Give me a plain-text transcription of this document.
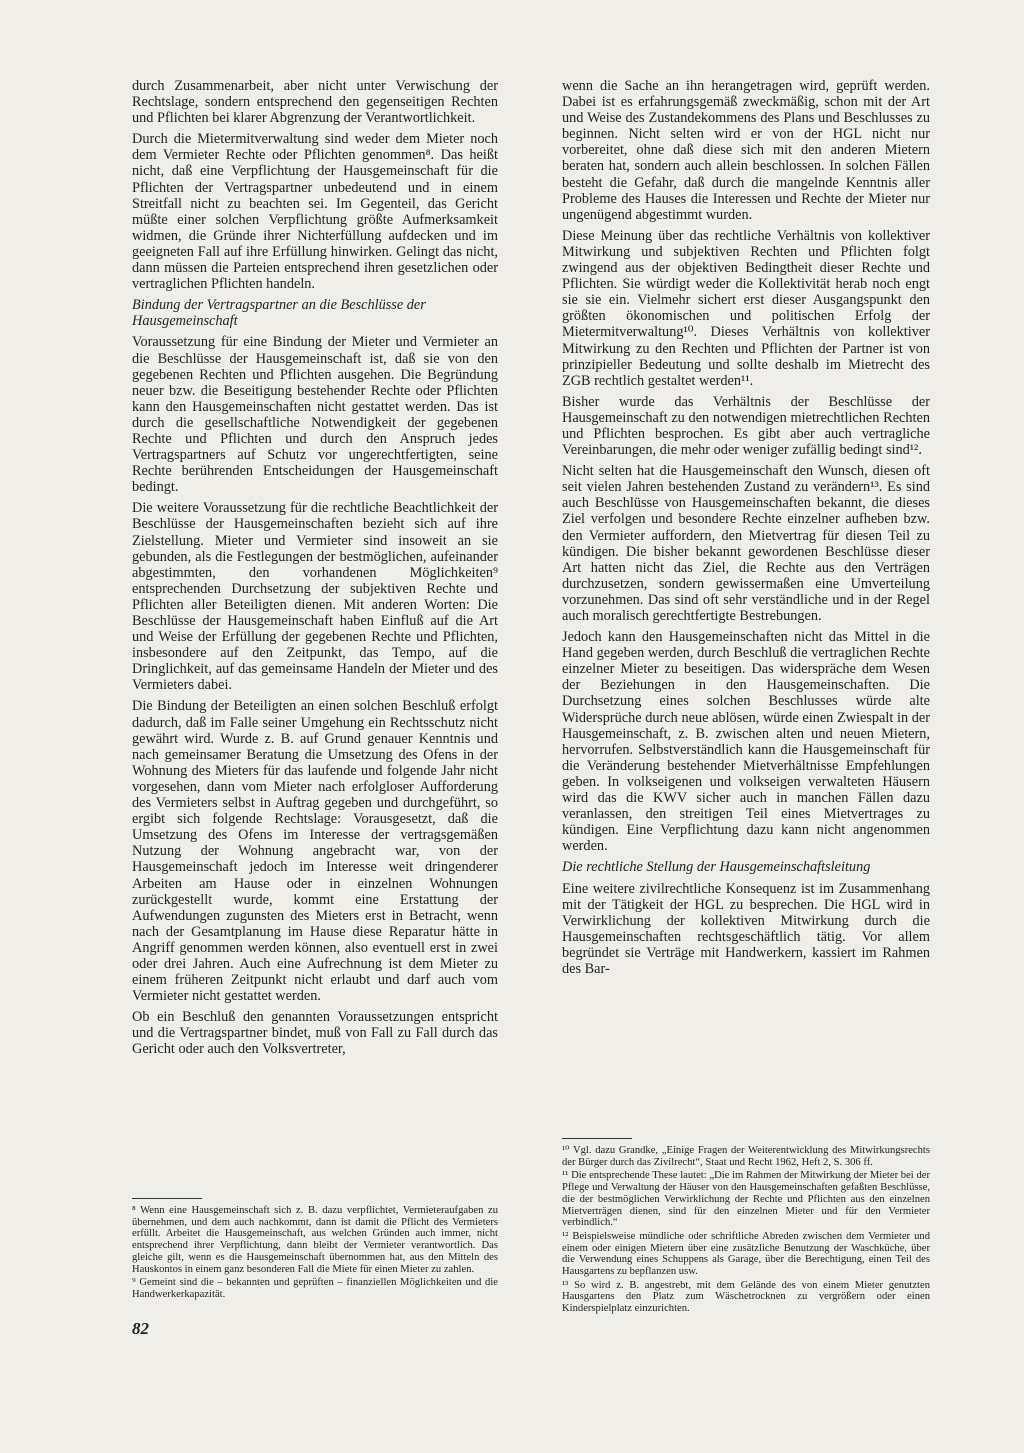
durch Zusammenarbeit, aber nicht unter Verwischung der Rechtslage, sondern entsprechend den gegenseitigen Rechten und Pflichten bei klarer Abgrenzung der Verantwortlichkeit.

Durch die Mietermitverwaltung sind weder dem Mieter noch dem Vermieter Rechte oder Pflichten genommen⁸. Das heißt nicht, daß eine Verpflichtung der Hausgemeinschaft für die Pflichten der Vertragspartner unbedeutend und in einem Streitfall nicht zu beachten sei. Im Gegenteil, das Gericht müßte einer solchen Verpflichtung größte Aufmerksamkeit widmen, die Gründe ihrer Nichterfüllung aufdecken und im geeigneten Fall auf ihre Erfüllung hinwirken. Gelingt das nicht, dann müssen die Parteien entsprechend ihren gesetzlichen oder vertraglichen Pflichten handeln.

Bindung der Vertragspartner an die Beschlüsse der Hausgemeinschaft

Voraussetzung für eine Bindung der Mieter und Vermieter an die Beschlüsse der Hausgemeinschaft ist, daß sie von den gegebenen Rechten und Pflichten ausgehen. Die Begründung neuer bzw. die Beseitigung bestehender Rechte oder Pflichten kann den Hausgemeinschaften nicht gestattet werden. Das ist durch die gesellschaftliche Notwendigkeit der gegebenen Rechte und Pflichten und durch den Anspruch jedes Vertragspartners auf Schutz vor ungerechtfertigten, seine Rechte berührenden Entscheidungen der Hausgemeinschaft bedingt.

Die weitere Voraussetzung für die rechtliche Beachtlichkeit der Beschlüsse der Hausgemeinschaften bezieht sich auf ihre Zielstellung. Mieter und Vermieter sind insoweit an sie gebunden, als die Festlegungen der bestmöglichen, aufeinander abgestimmten, den vorhandenen Möglichkeiten⁹ entsprechenden Durchsetzung der subjektiven Rechte und Pflichten aller Beteiligten dienen. Mit anderen Worten: Die Beschlüsse der Hausgemeinschaft haben Einfluß auf die Art und Weise der Erfüllung der gegebenen Rechte und Pflichten, insbesondere auf den Zeitpunkt, das Tempo, auf die Dringlichkeit, auf das gemeinsame Handeln der Mieter und des Vermieters dabei.

Die Bindung der Beteiligten an einen solchen Beschluß erfolgt dadurch, daß im Falle seiner Umgehung ein Rechtsschutz nicht gewährt wird. Wurde z. B. auf Grund genauer Kenntnis und nach gemeinsamer Beratung die Umsetzung des Ofens in der Wohnung des Mieters für das laufende und folgende Jahr nicht vorgesehen, dann vom Mieter nach erfolgloser Aufforderung des Vermieters selbst in Auftrag gegeben und durchgeführt, so ergibt sich folgende Rechtslage: Vorausgesetzt, daß die Umsetzung des Ofens im Interesse der vertragsgemäßen Nutzung der Wohnung angebracht war, von der Hausgemeinschaft jedoch im Interesse weit dringenderer Arbeiten am Hause oder in einzelnen Wohnungen zurückgestellt wurde, kommt eine Erstattung der Aufwendungen zugunsten des Mieters erst in Betracht, wenn nach der Gesamtplanung im Hause diese Reparatur hätte in Angriff genommen werden können, also eventuell erst in zwei oder drei Jahren. Auch eine Aufrechnung ist dem Mieter zu einem früheren Zeitpunkt nicht erlaubt und darf auch vom Vermieter nicht gestattet werden.

Ob ein Beschluß den genannten Voraussetzungen entspricht und die Vertragspartner bindet, muß von Fall zu Fall durch das Gericht oder auch den Volksvertreter,

⁸ Wenn eine Hausgemeinschaft sich z. B. dazu verpflichtet, Vermieteraufgaben zu übernehmen, und dem auch nachkommt, dann ist damit die Pflicht des Vermieters erfüllt. Arbeitet die Hausgemeinschaft, aus welchen Gründen auch immer, nicht entsprechend ihrer Verpflichtung, dann bleibt der Vermieter verantwortlich. Das gleiche gilt, wenn es die Hausgemeinschaft übernommen hat, aus den Mitteln des Hauskontos in einem ganz besonderen Fall die Miete für einen Mieter zu zahlen.

⁹ Gemeint sind die – bekannten und geprüften – finanziellen Möglichkeiten und die Handwerkerkapazität.

wenn die Sache an ihn herangetragen wird, geprüft werden. Dabei ist es erfahrungsgemäß zweckmäßig, schon mit der Art und Weise des Zustandekommens des Plans und Beschlusses zu beginnen. Nicht selten wird er von der HGL nicht nur vorbereitet, ohne daß diese sich mit den anderen Mietern beraten hat, sondern auch allein beschlossen. In solchen Fällen besteht die Gefahr, daß durch die mangelnde Kenntnis aller Probleme des Hauses die Interessen und Rechte der Mieter nur ungenügend abgestimmt wurden.

Diese Meinung über das rechtliche Verhältnis von kollektiver Mitwirkung und subjektiven Rechten und Pflichten folgt zwingend aus der objektiven Bedingtheit dieser Rechte und Pflichten. Sie würdigt weder die Kollektivität herab noch engt sie sie ein. Vielmehr sichert erst dieser Ausgangspunkt den größten ökonomischen und politischen Erfolg der Mietermitverwaltung¹⁰. Dieses Verhältnis von kollektiver Mitwirkung zu den Rechten und Pflichten der Partner ist von prinzipieller Bedeutung und sollte deshalb im Mietrecht des ZGB rechtlich gestaltet werden¹¹.

Bisher wurde das Verhältnis der Beschlüsse der Hausgemeinschaft zu den notwendigen mietrechtlichen Rechten und Pflichten besprochen. Es gibt aber auch vertragliche Vereinbarungen, die mehr oder weniger zufällig bedingt sind¹².

Nicht selten hat die Hausgemeinschaft den Wunsch, diesen oft seit vielen Jahren bestehenden Zustand zu verändern¹³. Es sind auch Beschlüsse von Hausgemeinschaften bekannt, die dieses Ziel verfolgen und besondere Rechte einzelner aufheben bzw. den Vermieter auffordern, den Mietvertrag für diesen Teil zu kündigen. Die bisher bekannt gewordenen Beschlüsse dieser Art hatten nicht das Ziel, die Rechte aus den Verträgen durchzusetzen, sondern gewissermaßen eine Umverteilung vorzunehmen. Das sind oft sehr verständliche und in der Regel auch moralisch gerechtfertigte Bestrebungen.

Jedoch kann den Hausgemeinschaften nicht das Mittel in die Hand gegeben werden, durch Beschluß die vertraglichen Rechte einzelner Mieter zu beseitigen. Das widerspräche dem Wesen der Beziehungen in den Hausgemeinschaften. Die Durchsetzung eines solchen Beschlusses würde alte Widersprüche durch neue ablösen, würde einen Zwiespalt in der Hausgemeinschaft, z. B. zwischen alten und neuen Mietern, hervorrufen. Selbstverständlich kann die Hausgemeinschaft für die Veränderung bestehender Mietverhältnisse Empfehlungen geben. In volkseigenen und volkseigen verwalteten Häusern wird das die KWV sicher auch in manchen Fällen dazu veranlassen, den streitigen Teil eines Mietvertrages zu kündigen. Eine Verpflichtung dazu kann nicht angenommen werden.

Die rechtliche Stellung der Hausgemeinschaftsleitung

Eine weitere zivilrechtliche Konsequenz ist im Zusammenhang mit der Tätigkeit der HGL zu besprechen. Die HGL wird in Verwirklichung der kollektiven Mitwirkung durch die Hausgemeinschaften rechtsgeschäftlich tätig. Vor allem begründet sie Verträge mit Handwerkern, kassiert im Rahmen des Bar-

¹⁰ Vgl. dazu Grandke, „Einige Fragen der Weiterentwicklung des Mitwirkungsrechts der Bürger durch das Zivilrecht“, Staat und Recht 1962, Heft 2, S. 306 ff.

¹¹ Die entsprechende These lautet: „Die im Rahmen der Mitwirkung der Mieter bei der Pflege und Verwaltung der Häuser von den Hausgemeinschaften gefaßten Beschlüsse, die der bestmöglichen Verwirklichung der Rechte und Pflichten aus den einzelnen Mietverträgen dienen, sind für den einzelnen Mieter und für den Vermieter verbindlich.“

¹² Beispielsweise mündliche oder schriftliche Abreden zwischen dem Vermieter und einem oder einigen Mietern über eine zusätzliche Benutzung der Waschküche, über die Verwendung eines Schuppens als Garage, über die Berechtigung, einen Teil des Hausgartens zu bepflanzen usw.

¹³ So wird z. B. angestrebt, mit dem Gelände des von einem Mieter genutzten Hausgartens den Platz zum Wäschetrocknen zu vergrößern oder einen Kinderspielplatz einzurichten.

82
